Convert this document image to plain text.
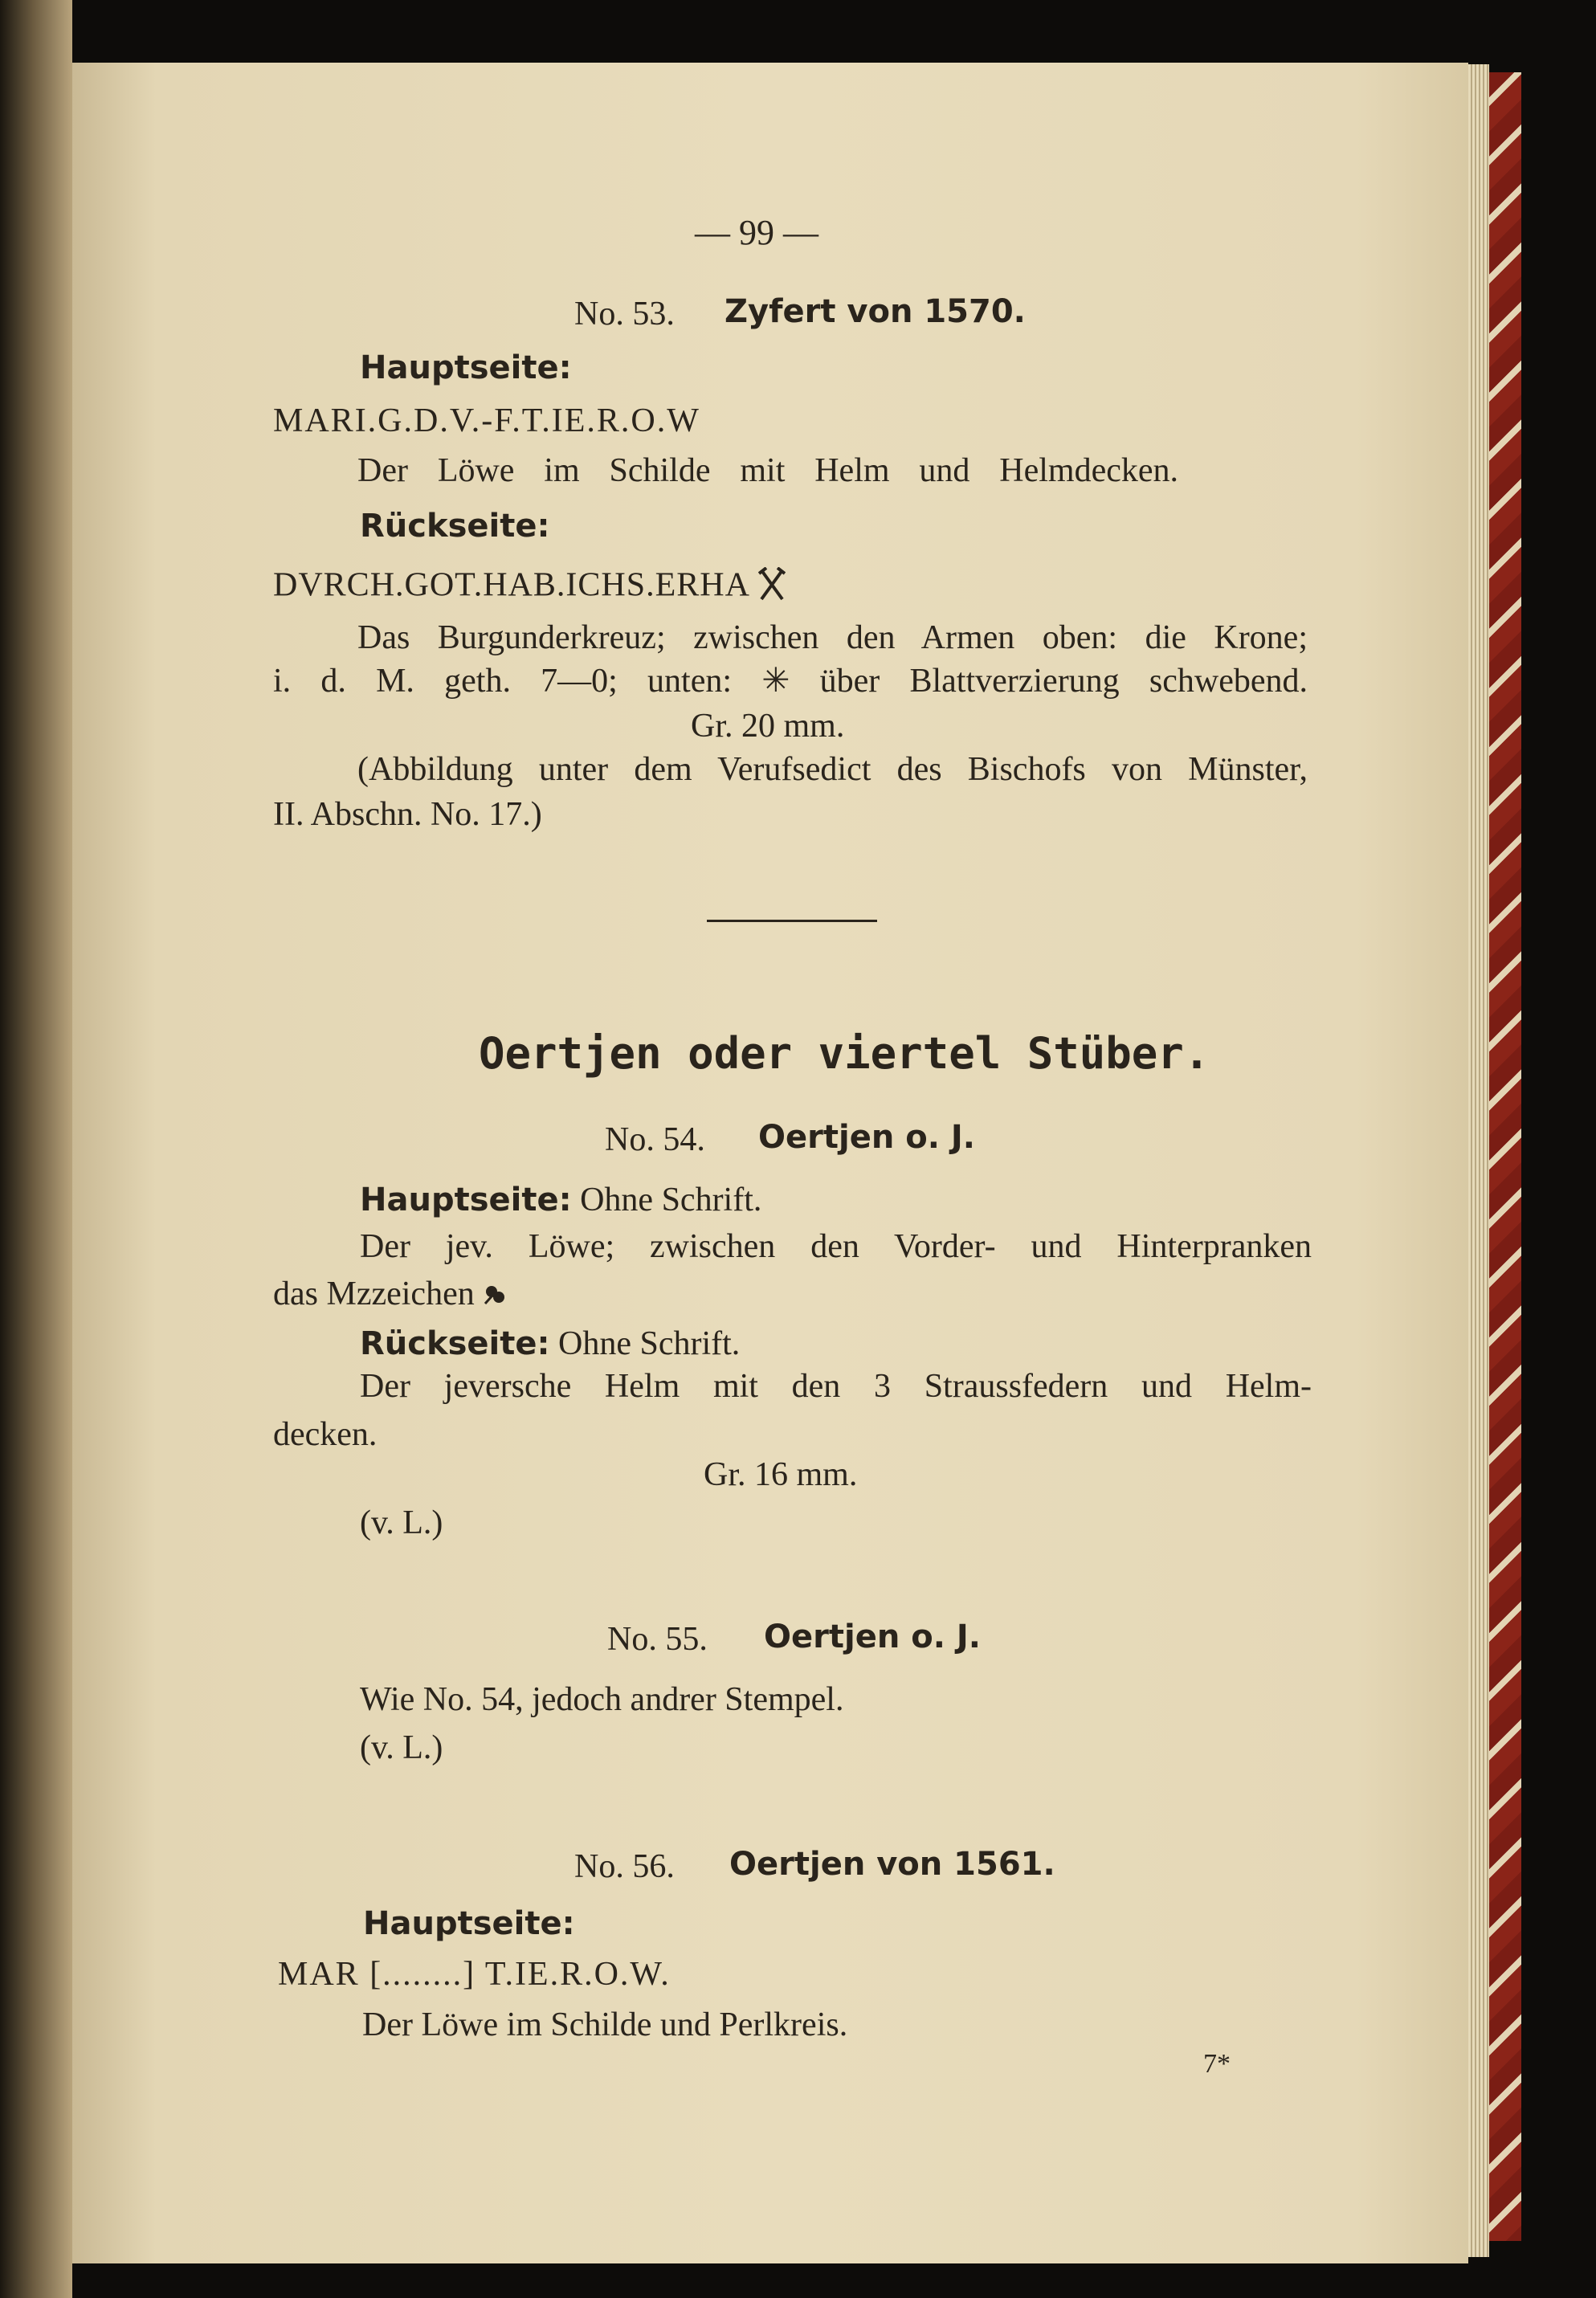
— 99 —
No. 53. Zyfert von 1570.
Hauptseite:
MARI.G.D.V.-F.T.IE.R.O.W
Der Löwe im Schilde mit Helm und Helmdecken.
Rückseite:
DVRCH.GOT.HAB.ICHS.ERHA
Das Burgunderkreuz; zwischen den Armen oben: die Krone;
i. d. M. geth. 7—0; unten: ✳ über Blattverzierung schwebend.
Gr. 20 mm.
(Abbildung unter dem Verufsedict des Bischofs von Münster,
II. Abschn. No. 17.)
Oertjen oder viertel Stüber.
No. 54. Oertjen o. J.
Hauptseite: Ohne Schrift.
Der jev. Löwe; zwischen den Vorder- und Hinterpranken
das Mzzeichen
Rückseite: Ohne Schrift.
Der jeversche Helm mit den 3 Straussfedern und Helm-
decken.
Gr. 16 mm.
(v. L.)
No. 55. Oertjen o. J.
Wie No. 54, jedoch andrer Stempel.
(v. L.)
No. 56. Oertjen von 1561.
Hauptseite:
MAR [........] T.IE.R.O.W.
Der Löwe im Schilde und Perlkreis.
7*
